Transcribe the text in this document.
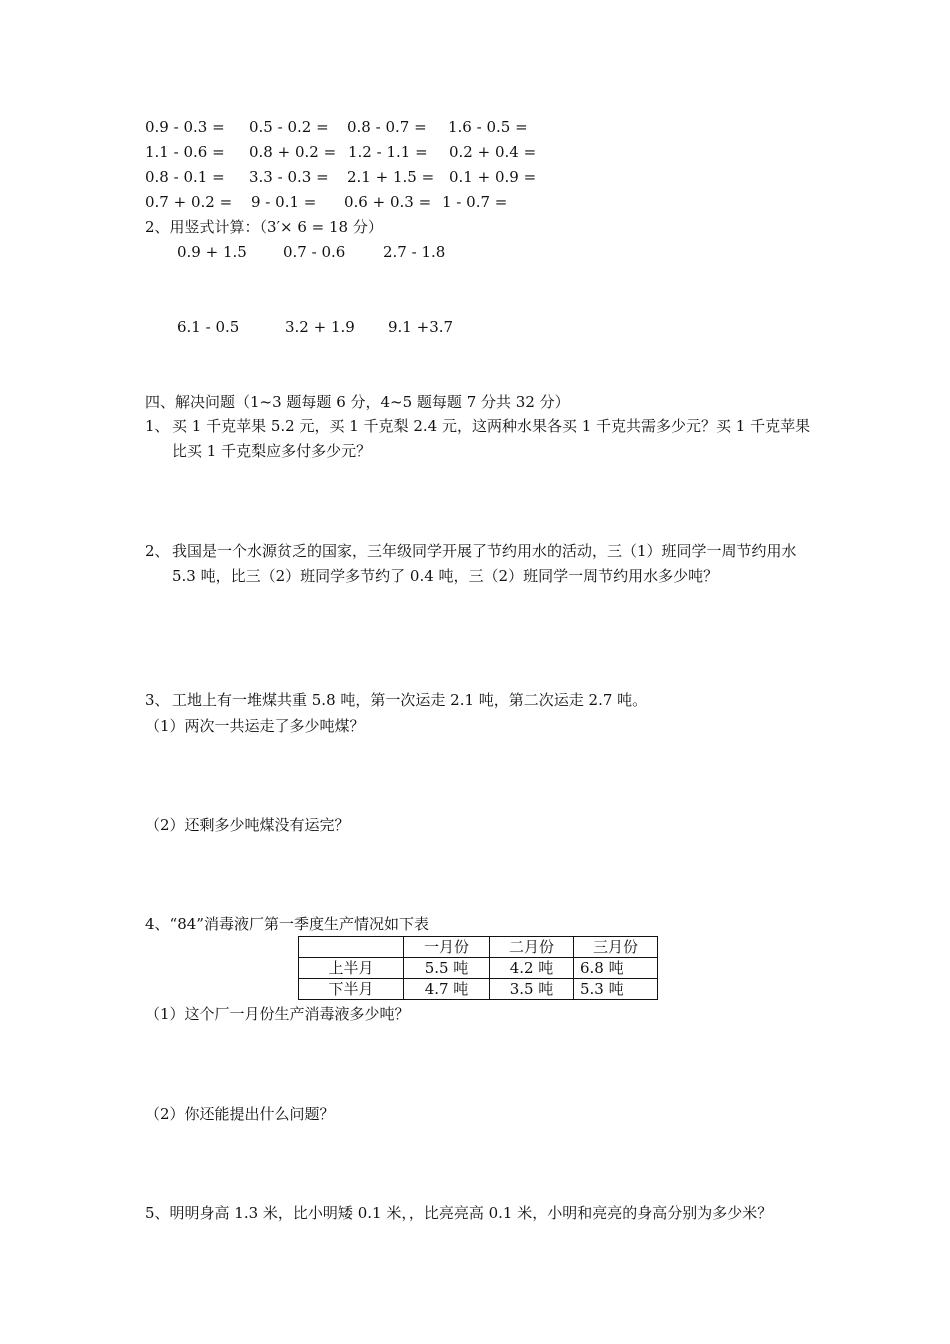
0.9 - 0.3 = 0.5 - 0.2 = 0.8 - 0.7 = 1.6 - 0.5 =
1.1 - 0.6 = 0.8 + 0.2 = 1.2 - 1.1 = 0.2 + 0.4 =
0.8 - 0.1 = 3.3 - 0.3 = 2.1 + 1.5 = 0.1 + 0.9 =
0.7 + 0.2 = 9 - 0.1 = 0.6 + 0.3 = 1 - 0.7 =
2、用竖式计算：（3′× 6 = 18 分）
0.9 + 1.5 0.7 - 0.6	2.7 - 1.8
6.1 - 0.5	3.2 + 1.9 9.1 +3.7
四、解决问题（1~3 题每题 6 分，4~5 题每题 7 分共 32 分）
1、 买 1 千克苹果 5.2 元，买 1 千克梨 2.4 元，这两种水果各买 1 千克共需多少元？买 1 千克苹果比买 1 千克梨应多付多少元？
2、 我国是一个水源贫乏的国家，三年级同学开展了节约用水的活动，三（1）班同学一周节约用水 5.3 吨，比三（2）班同学多节约了 0.4 吨，三（2）班同学一周节约用水多少吨？
3、 工地上有一堆煤共重 5.8 吨，第一次运走 2.1 吨，第二次运走 2.7 吨。
（1）两次一共运走了多少吨煤？
（2）还剩多少吨煤没有运完？
4、“84”消毒液厂第一季度生产情况如下表
	一月份	二月份	三月份
上半月	5.5 吨	4.2 吨	6.8 吨
下半月	4.7 吨	3.5 吨	5.3 吨
（1）这个厂一月份生产消毒液多少吨？
（2）你还能提出什么问题？
5、明明身高 1.3 米，比小明矮 0.1 米，，比亮亮高 0.1 米，小明和亮亮的身高分别为多少米？
